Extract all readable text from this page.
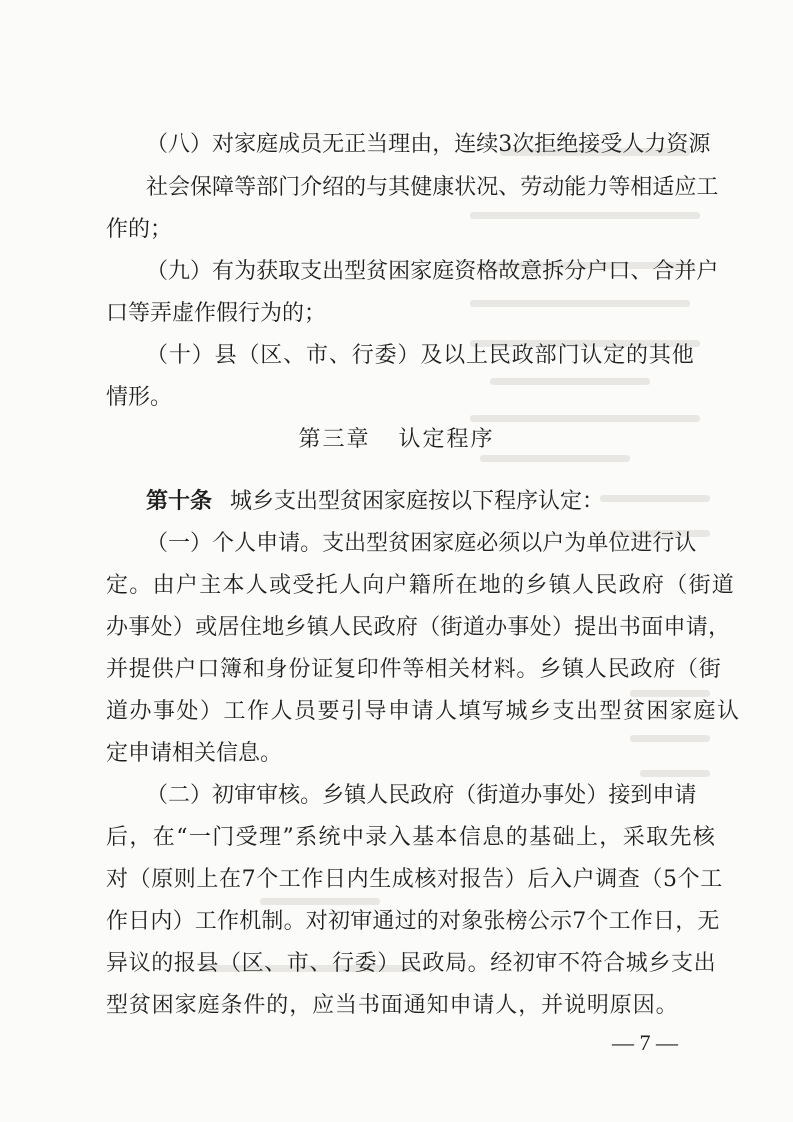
（ 八 ） 对 家 庭 成 员 无 正 当 理 由 ， 连 续 3 次 拒 绝 接 受 人 力 资 源
社 会 保 障 等 部 门 介 绍 的 与 其 健 康 状 况 、 劳 动 能 力 等 相 适 应 工
作的；
（ 九 ） 有 为 获 取 支 出 型 贫 困 家 庭 资 格 故 意 拆 分 户 口 、 合 并 户
口等弄虚作假行为的；
（ 十 ） 县 （ 区 、 市 、 行 委 ） 及 以 上 民 政 部 门 认 定 的 其 他
情形。
第三章 认定程序
第十条 城乡支出型贫困家庭按以下程序认定：
（ 一 ） 个 人 申 请 。 支 出 型 贫 困 家 庭 必 须 以 户 为 单 位 进 行 认
定。由户主本人或受托人向户籍所在地的乡镇人民政府（街道
办事处）或居住地乡镇人民政府（街道办事处）提出书面申请，
并提供户口簿和身份证复印件等相关材料。乡镇人民政府（街
道办事处）工作人员要引导申请人填写城乡支出型贫困家庭认
定申请相关信息。
（ 二 ） 初 审 审 核 。 乡 镇 人 民 政 府 （ 街 道 办 事 处 ） 接 到 申 请
后，在“一门受理”系统中录入基本信息的基础上，采取先核
对（原则上在7个工作日内生成核对报告）后入户调查（5个工
作日内）工作机制。对初审通过的对象张榜公示7个工作日，无
异议的报县（区、市、行委）民政局。经初审不符合城乡支出
型贫困家庭条件的，应当书面通知申请人，并说明原因。
— 7 —
